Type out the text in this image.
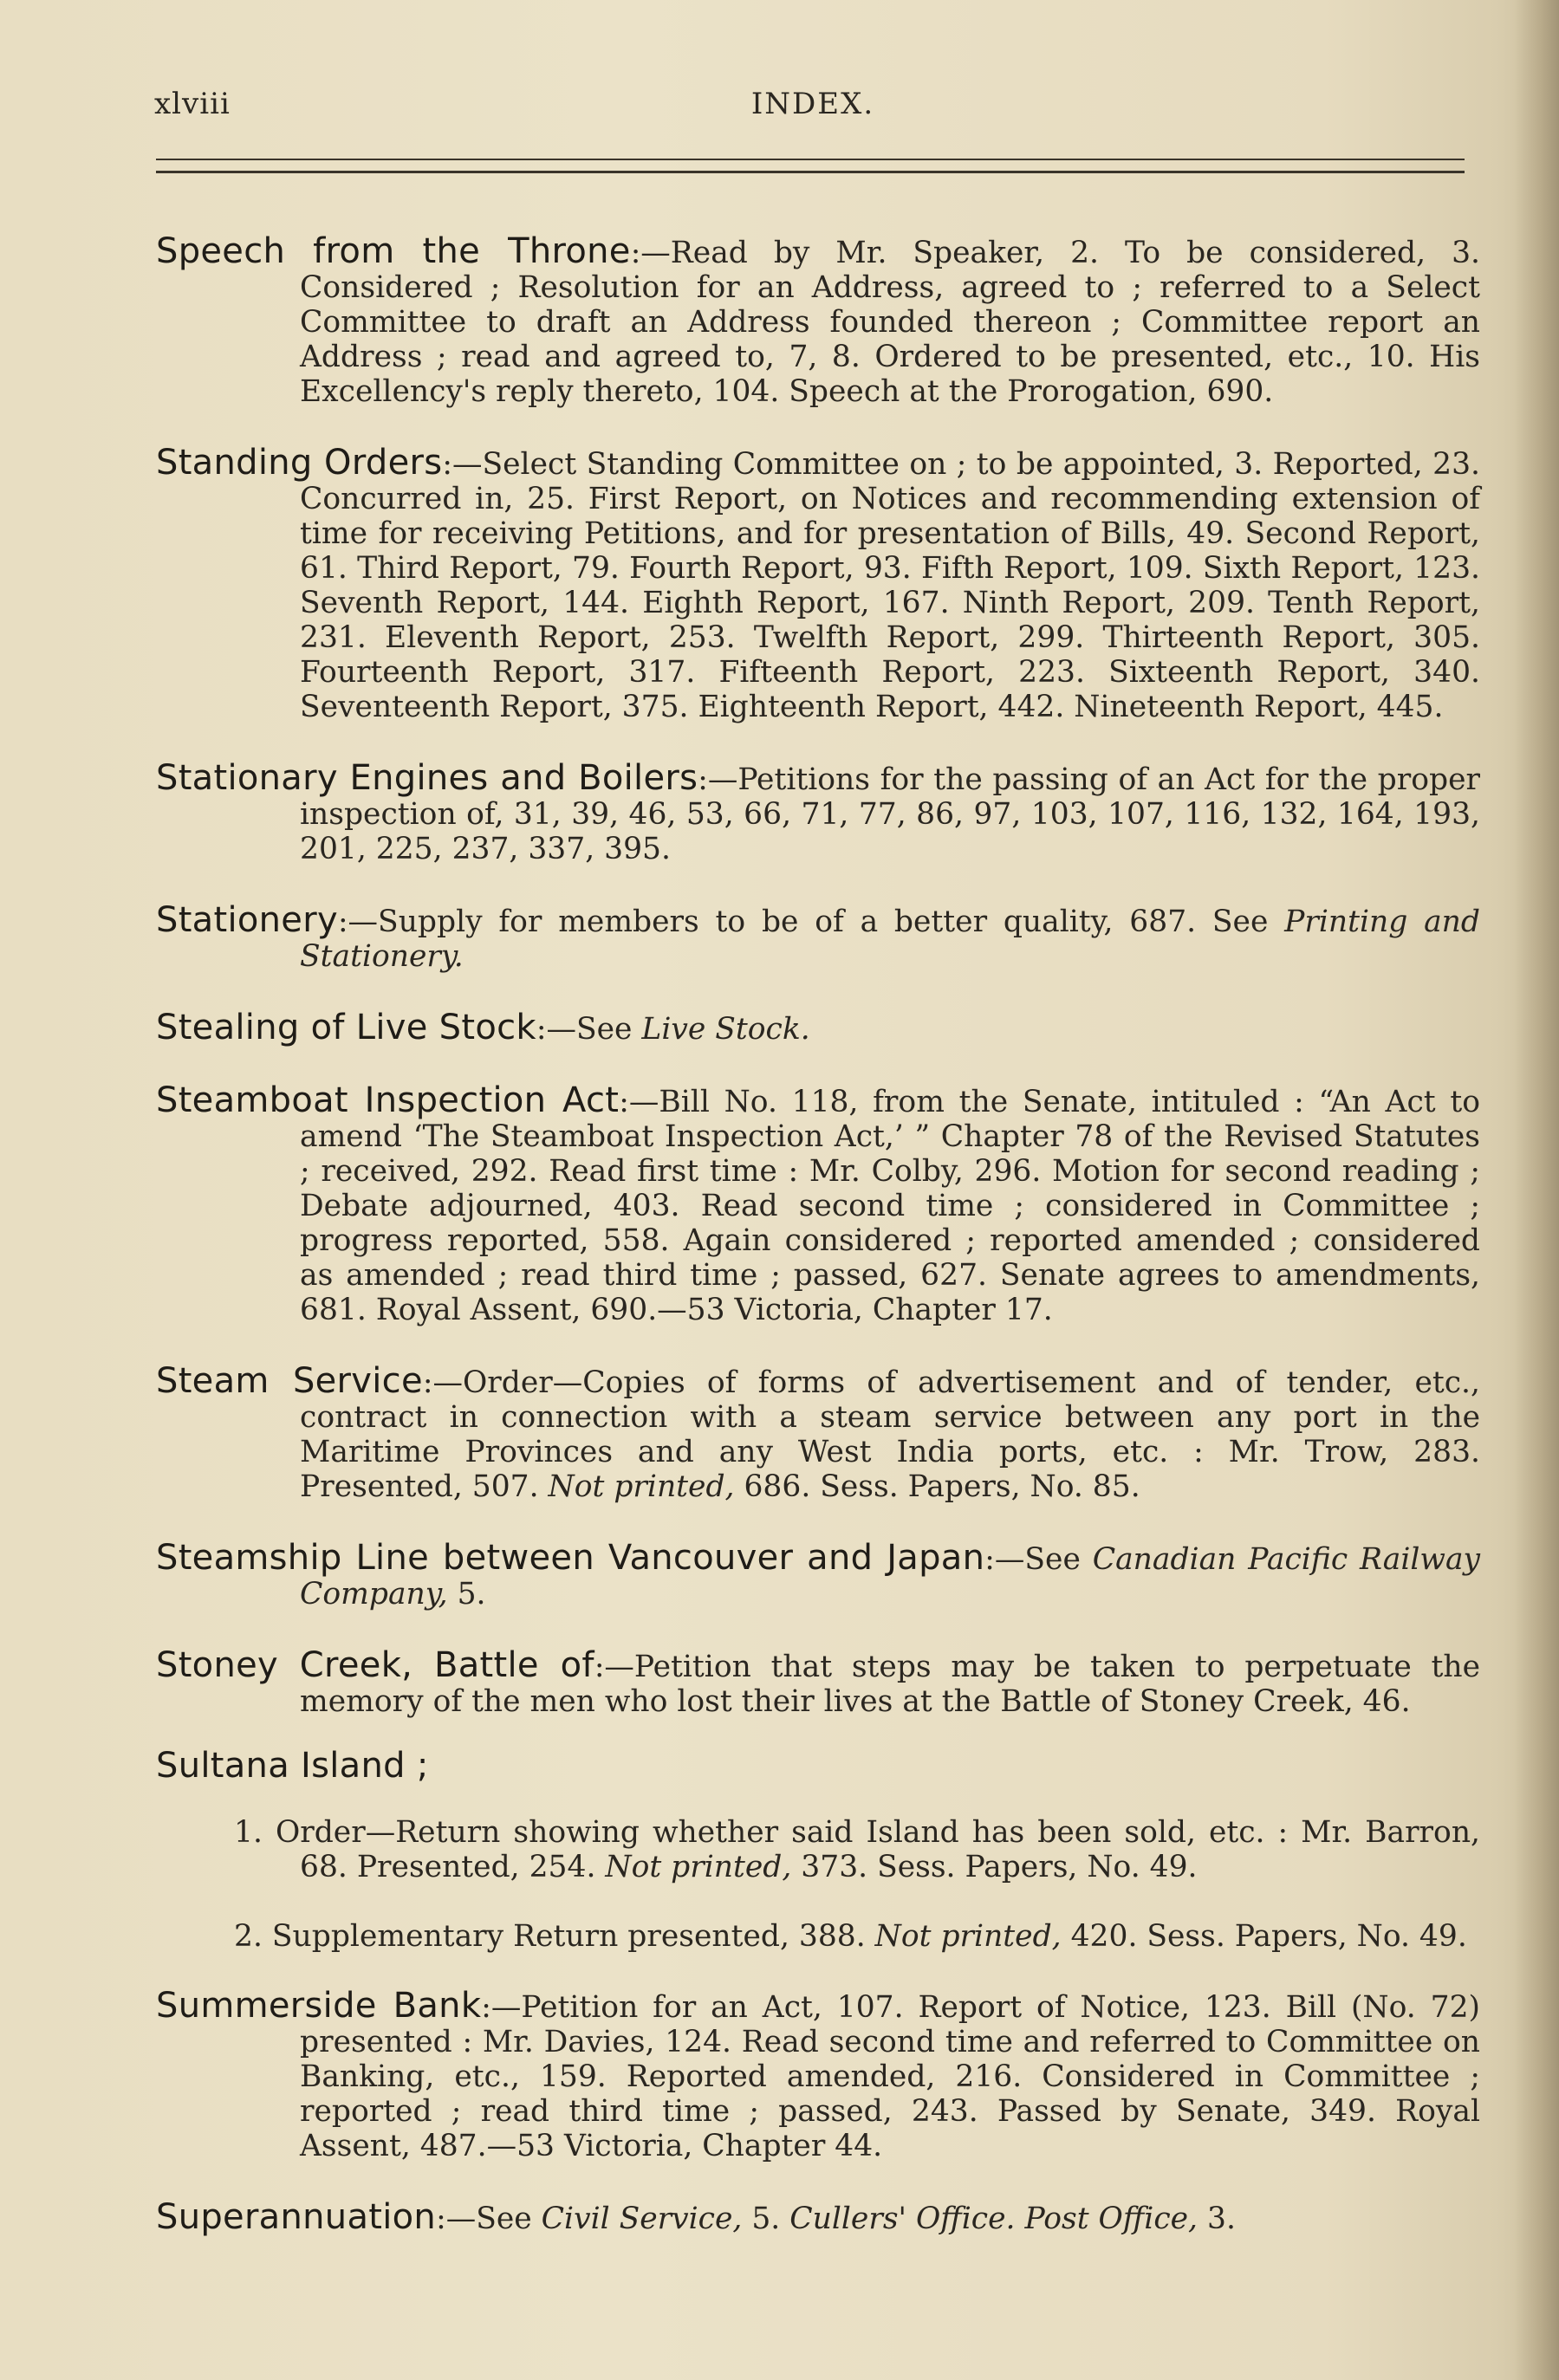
xlviii	INDEX.

Speech from the Throne:—Read by Mr. Speaker, 2. To be considered, 3. Considered ; Resolution for an Address, agreed to ; referred to a Select Committee to draft an Address founded thereon ; Committee report an Address ; read and agreed to, 7, 8. Ordered to be presented, etc., 10. His Excellency's reply thereto, 104. Speech at the Prorogation, 690.

Standing Orders:—Select Standing Committee on ; to be appointed, 3. Reported, 23. Concurred in, 25. First Report, on Notices and recommending extension of time for receiving Petitions, and for presentation of Bills, 49. Second Report, 61. Third Report, 79. Fourth Report, 93. Fifth Report, 109. Sixth Report, 123. Seventh Report, 144. Eighth Report, 167. Ninth Report, 209. Tenth Report, 231. Eleventh Report, 253. Twelfth Report, 299. Thirteenth Report, 305. Fourteenth Report, 317. Fifteenth Report, 223. Sixteenth Report, 340. Seventeenth Report, 375. Eighteenth Report, 442. Nineteenth Report, 445.

Stationary Engines and Boilers:—Petitions for the passing of an Act for the proper inspection of, 31, 39, 46, 53, 66, 71, 77, 86, 97, 103, 107, 116, 132, 164, 193, 201, 225, 237, 337, 395.

Stationery:—Supply for members to be of a better quality, 687. See Printing and Stationery.

Stealing of Live Stock:—See Live Stock.

Steamboat Inspection Act:—Bill No. 118, from the Senate, intituled : “An Act to amend ‘The Steamboat Inspection Act,’ ” Chapter 78 of the Revised Statutes ; received, 292. Read first time : Mr. Colby, 296. Motion for second reading ; Debate adjourned, 403. Read second time ; considered in Committee ; progress reported, 558. Again considered ; reported amended ; considered as amended ; read third time ; passed, 627. Senate agrees to amendments, 681. Royal Assent, 690.—53 Victoria, Chapter 17.

Steam Service:—Order—Copies of forms of advertisement and of tender, etc., contract in connection with a steam service between any port in the Maritime Provinces and any West India ports, etc. : Mr. Trow, 283. Presented, 507. Not printed, 686. Sess. Papers, No. 85.

Steamship Line between Vancouver and Japan:—See Canadian Pacific Railway Company, 5.

Stoney Creek, Battle of:—Petition that steps may be taken to perpetuate the memory of the men who lost their lives at the Battle of Stoney Creek, 46.

Sultana Island ;

1. Order—Return showing whether said Island has been sold, etc. : Mr. Barron, 68. Presented, 254. Not printed, 373. Sess. Papers, No. 49.

2. Supplementary Return presented, 388. Not printed, 420. Sess. Papers, No. 49.

Summerside Bank:—Petition for an Act, 107. Report of Notice, 123. Bill (No. 72) presented : Mr. Davies, 124. Read second time and referred to Committee on Banking, etc., 159. Reported amended, 216. Considered in Committee ; reported ; read third time ; passed, 243. Passed by Senate, 349. Royal Assent, 487.—53 Victoria, Chapter 44.

Superannuation:—See Civil Service, 5. Cullers' Office. Post Office, 3.
